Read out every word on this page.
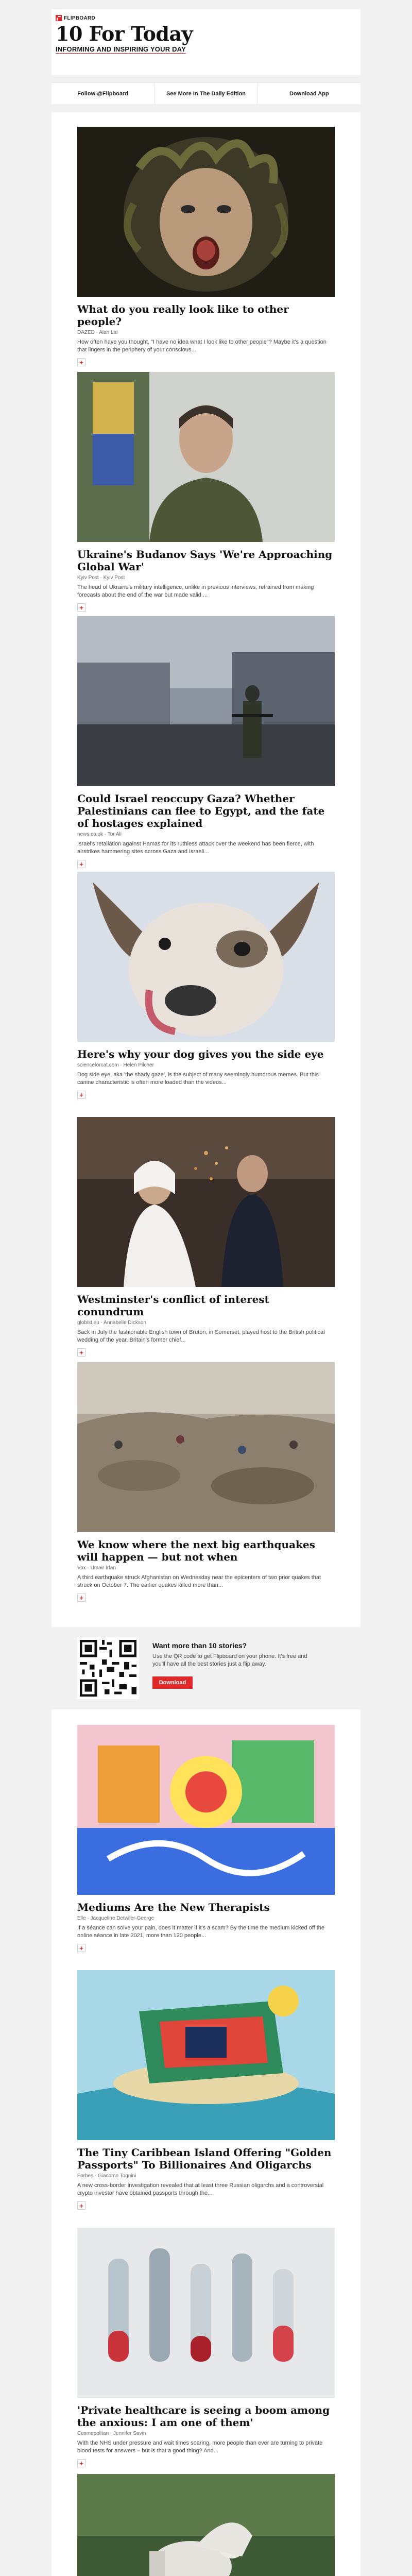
FLIPBOARD
10 For Today
INFORMING AND INSPIRING YOUR DAY
Follow @Flipboard	See More In The Daily Edition	Download App
What do you really look like to other people?
DAZED · Alah Lal
How often have you thought, "I have no idea what I look like to other people"? Maybe it's a question that lingers in the periphery of your conscious...
+
Ukraine's Budanov Says 'We're Approaching Global War'
Kyiv Post · Kyiv Post
The head of Ukraine's military intelligence, unlike in previous interviews, refrained from making forecasts about the end of the war but made valid ...
+
Could Israel reoccupy Gaza? Whether Palestinians can flee to Egypt, and the fate of hostages explained
news.co.uk · Tor Ali
Israel's retaliation against Hamas for its ruthless attack over the weekend has been fierce, with airstrikes hammering sites across Gaza and Israeli...
+
Here's why your dog gives you the side eye
scienceforcat.com · Helen Pilcher
Dog side eye, aka 'the shady gaze', is the subject of many seemingly humorous memes. But this canine characteristic is often more loaded than the videos...
+
Westminster's conflict of interest conundrum
globist.eu · Annabelle Dickson
Back in July the fashionable English town of Bruton, in Somerset, played host to the British political wedding of the year. Britain's former chief...
+
We know where the next big earthquakes will happen — but not when
Vox · Umair Irfan
A third earthquake struck Afghanistan on Wednesday near the epicenters of two prior quakes that struck on October 7. The earlier quakes killed more than...
+
Want more than 10 stories?
Use the QR code to get Flipboard on your phone. It's free and you'll have all the best stories just a flip away.
Download
Mediums Are the New Therapists
Elle · Jacqueline Detwiler-George
If a séance can solve your pain, does it matter if it's a scam? By the time the medium kicked off the online séance in late 2021, more than 120 people...
+
The Tiny Caribbean Island Offering "Golden Passports" To Billionaires And Oligarchs
Forbes · Giacomo Tognini
A new cross-border investigation revealed that at least three Russian oligarchs and a controversial crypto investor have obtained passports through the...
+
'Private healthcare is seeing a boom among the anxious: I am one of them'
Cosmopolitan · Jennifer Savin
With the NHS under pressure and wait times soaring, more people than ever are turning to private blood tests for answers – but is that a good thing? And...
+
